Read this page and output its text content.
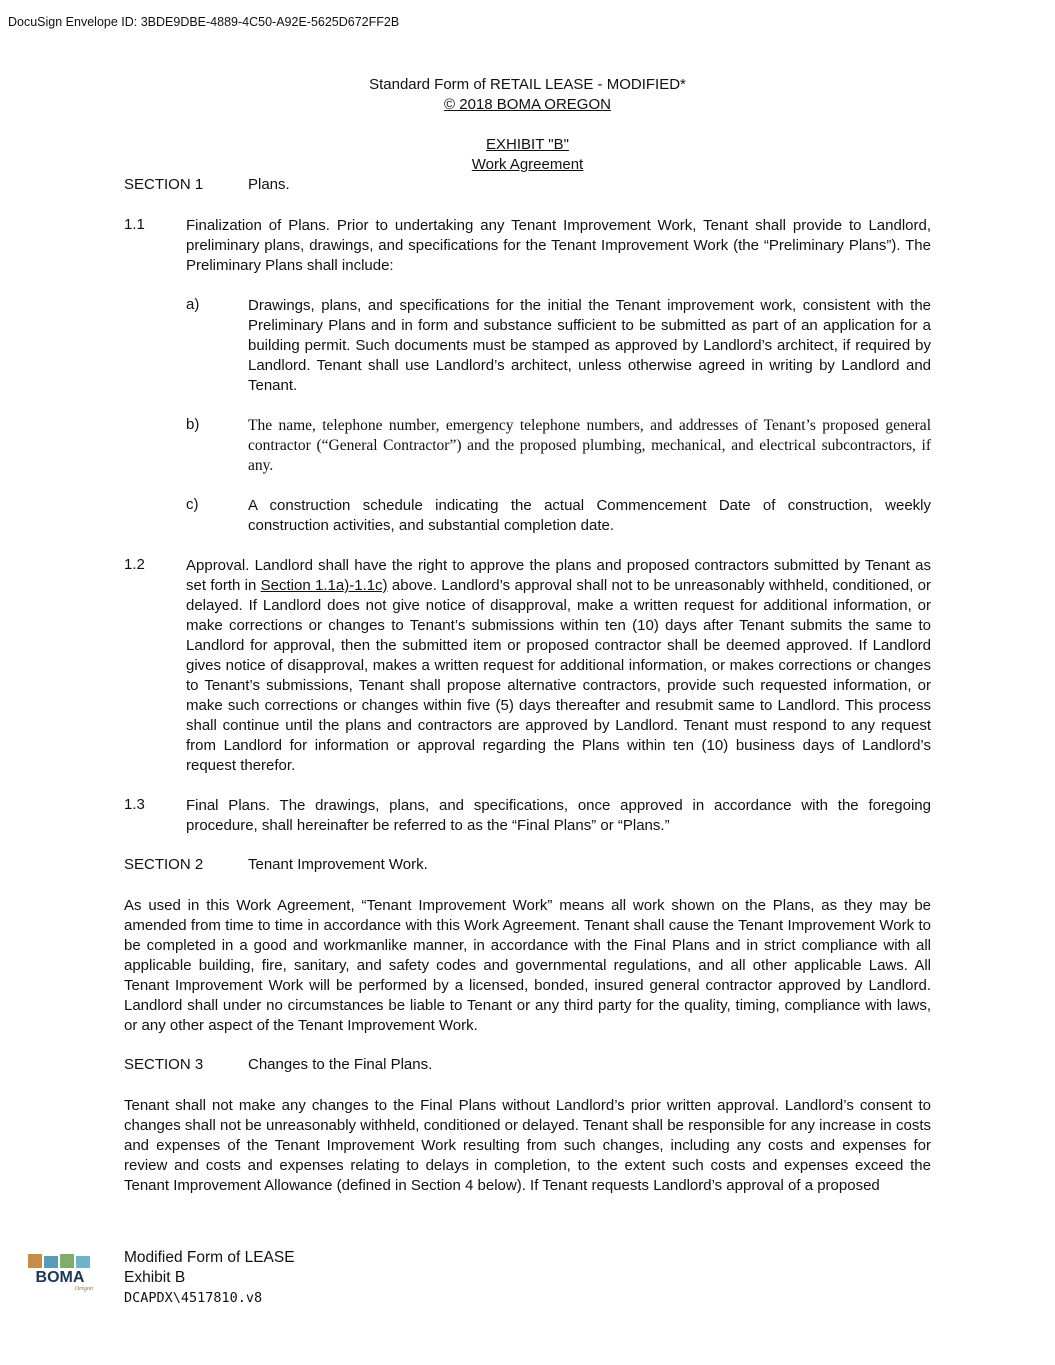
DocuSign Envelope ID: 3BDE9DBE-4889-4C50-A92E-5625D672FF2B
Standard Form of RETAIL LEASE - MODIFIED*
© 2018 BOMA OREGON
EXHIBIT "B"
Work Agreement
SECTION 1	Plans.
1.1	Finalization of Plans. Prior to undertaking any Tenant Improvement Work, Tenant shall provide to Landlord, preliminary plans, drawings, and specifications for the Tenant Improvement Work (the “Preliminary Plans”). The Preliminary Plans shall include:

a)	Drawings, plans, and specifications for the initial the Tenant improvement work, consistent with the Preliminary Plans and in form and substance sufficient to be submitted as part of an application for a building permit. Such documents must be stamped as approved by Landlord’s architect, if required by Landlord. Tenant shall use Landlord’s architect, unless otherwise agreed in writing by Landlord and Tenant.

b)	The name, telephone number, emergency telephone numbers, and addresses of Tenant’s proposed general contractor (“General Contractor”) and the proposed plumbing, mechanical, and electrical subcontractors, if any.

c)	A construction schedule indicating the actual Commencement Date of construction, weekly construction activities, and substantial completion date.

1.2	Approval. Landlord shall have the right to approve the plans and proposed contractors submitted by Tenant as set forth in Section 1.1a)-1.1c) above. Landlord’s approval shall not to be unreasonably withheld, conditioned, or delayed. If Landlord does not give notice of disapproval, make a written request for additional information, or make corrections or changes to Tenant’s submissions within ten (10) days after Tenant submits the same to Landlord for approval, then the submitted item or proposed contractor shall be deemed approved. If Landlord gives notice of disapproval, makes a written request for additional information, or makes corrections or changes to Tenant’s submissions, Tenant shall propose alternative contractors, provide such requested information, or make such corrections or changes within five (5) days thereafter and resubmit same to Landlord. This process shall continue until the plans and contractors are approved by Landlord. Tenant must respond to any request from Landlord for information or approval regarding the Plans within ten (10) business days of Landlord’s request therefor.

1.3	Final Plans. The drawings, plans, and specifications, once approved in accordance with the foregoing procedure, shall hereinafter be referred to as the “Final Plans” or “Plans.”

SECTION 2	Tenant Improvement Work.

As used in this Work Agreement, “Tenant Improvement Work” means all work shown on the Plans, as they may be amended from time to time in accordance with this Work Agreement. Tenant shall cause the Tenant Improvement Work to be completed in a good and workmanlike manner, in accordance with the Final Plans and in strict compliance with all applicable building, fire, sanitary, and safety codes and governmental regulations, and all other applicable Laws. All Tenant Improvement Work will be performed by a licensed, bonded, insured general contractor approved by Landlord. Landlord shall under no circumstances be liable to Tenant or any third party for the quality, timing, compliance with laws, or any other aspect of the Tenant Improvement Work.

SECTION 3	Changes to the Final Plans.

Tenant shall not make any changes to the Final Plans without Landlord’s prior written approval. Landlord’s consent to changes shall not be unreasonably withheld, conditioned or delayed. Tenant shall be responsible for any increase in costs and expenses of the Tenant Improvement Work resulting from such changes, including any costs and expenses for review and costs and expenses relating to delays in completion, to the extent such costs and expenses exceed the Tenant Improvement Allowance (defined in Section 4 below). If Tenant requests Landlord’s approval of a proposed

BOMA
Oregon
Modified Form of LEASE
Exhibit B
DCAPDX\4517810.v8
